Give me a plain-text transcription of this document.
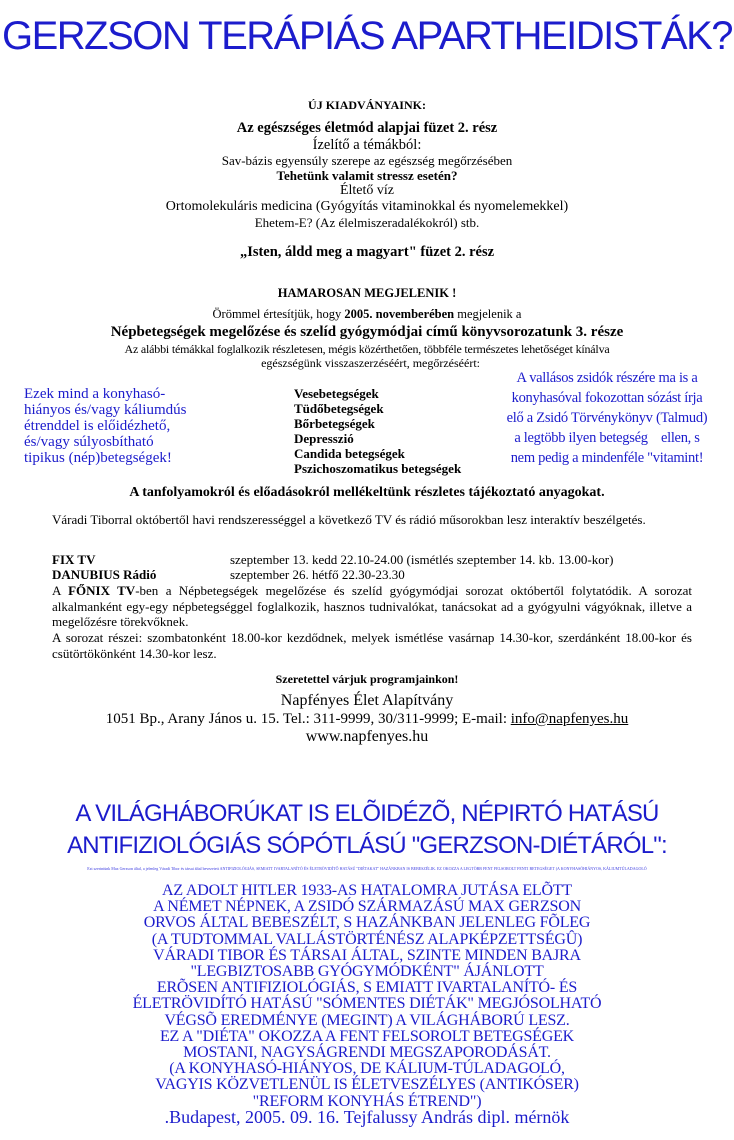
GERZSON TERÁPIÁS APARTHEIDISTÁK?
ÚJ KIADVÁNYAINK:
Az egészséges életmód alapjai füzet 2. rész
Ízelítő a témákból:
Sav-bázis egyensúly szerepe az egészség megőrzésében
Tehetünk valamit stressz esetén?
Éltető víz
Ortomolekuláris medicina (Gyógyítás vitaminokkal és nyomelemekkel)
Ehetem-E? (Az élelmiszeradalékokról) stb.
„Isten, áldd meg a magyart" füzet 2. rész
HAMAROSAN MEGJELENIK !
Örömmel értesítjük, hogy 2005. novemberében megjelenik a
Népbetegségek megelőzése és szelíd gyógymódjai című könyvsorozatunk 3. része
Az alábbi témákkal foglalkozik részletesen, mégis közérthetően, többféle természetes lehetőséget kínálva
egészségünk visszaszerzéséért, megőrzéséért:
Vesebetegségek
Tüdőbetegségek
Bőrbetegségek
Depresszió
Candida betegségek
Pszichoszomatikus betegségek
Ezek mind a konyhasó-
hiányos és/vagy káliumdús
étrenddel is előidézhető,
és/vagy súlyosbítható
tipikus (nép)betegségek!
A vallásos zsidók részére ma is a
konyhasóval fokozottan sózást írja
elő a Zsidó Törvénykönyv (Talmud)
a legtöbb ilyen betegség    ellen, s
nem pedig a mindenféle "vitamint!
A tanfolyamokról és előadásokról mellékeltünk részletes tájékoztató anyagokat.
Váradi Tiborral októbertől havi rendszerességgel a következő TV és rádió műsorokban lesz interaktív beszélgetés.
FIX TV	szeptember 13. kedd 22.10-24.00 (ismétlés szeptember 14. kb. 13.00-kor)
DANUBIUS Rádió	szeptember 26. hétfő 22.30-23.30
A FŐNIX TV-ben a Népbetegségek megelőzése és szelíd gyógymódjai sorozat októbertől folytatódik. A sorozat alkalmanként egy-egy népbetegséggel foglalkozik, hasznos tudnivalókat, tanácsokat ad a gyógyulni vágyóknak, illetve a megelőzésre törekvőknek.
A sorozat részei: szombatonként 18.00-kor kezdődnek, melyek ismétlése vasárnap 14.30-kor, szerdánként 18.00-kor és csütörtökönként 14.30-kor lesz.
Szeretettel várjuk programjainkon!
Napfényes Élet Alapítvány
1051 Bp., Arany János u. 15. Tel.: 311-9999, 30/311-9999; E-mail: info@napfenyes.hu
www.napfenyes.hu
A VILÁGHÁBORÚKAT IS ELÕIDÉZÕ, NÉPIRTÓ HATÁSÚ
ANTIFIZIOLÓGIÁS SÓPÓTLÁSÚ "GERZSON-DIÉTÁRÓL":
Ezt szerintünk Max Gerzson által, a jelenleg Váradi Tibor és társai által bevezetett ANTIFIZIOLÓGIÁS, SEMIATT IVARTALANÍTÓ ÉS ÉLETRÖVIDÍTŐ HATÁSÚ "DIÉTAKAT" HAZÁNKBAN IS BEBESZÉLIK. EZ OKOZZA A LEGTÖBB FENT FELSOROLT FENTI BETEGSÉGET (A KONYHASÓHIÁNYOS, KÁLIUMTÚLADAGOLÓ
AZ ADOLT HITLER 1933-AS HATALOMRA JUTÁSA ELÕTT
A NÉMET NÉPNEK, A ZSIDÓ SZÁRMAZÁSÚ MAX GERZSON
ORVOS ÁLTAL BEBESZÉLT, S HAZÁNKBAN JELENLEG FÕLEG
(A TUDTOMMAL VALLÁSTÖRTÉNÉSZ ALAPKÉPZETTSÉGÛ)
VÁRADI TIBOR ÉS TÁRSAI ÁLTAL, SZINTE MINDEN BAJRA
"LEGBIZTOSABB GYÓGYMÓDKÉNT" ÁJÁNLOTT
ERÕSEN ANTIFIZIOLÓGIÁS, S EMIATT IVARTALANÍTÓ- ÉS
ÉLETRÖVIDÍTÓ HATÁSÚ "SÓMENTES DIÉTÁK" MEGJÓSOLHATÓ
VÉGSÕ EREDMÉNYE (MEGINT) A VILÁGHÁBORÚ LESZ.
EZ A "DIÉTA" OKOZZA A FENT FELSOROLT BETEGSÉGEK
MOSTANI, NAGYSÁGRENDI MEGSZAPORODÁSÁT.
(A KONYHASÓ-HIÁNYOS, DE KÁLIUM-TÚLADAGOLÓ,
VAGYIS KÖZVETLENÜL IS ÉLETVESZÉLYES (ANTIKÓSER)
"REFORM KONYHÁS ÉTREND")
.Budapest, 2005. 09. 16. Tejfalussy András dipl. mérnök
